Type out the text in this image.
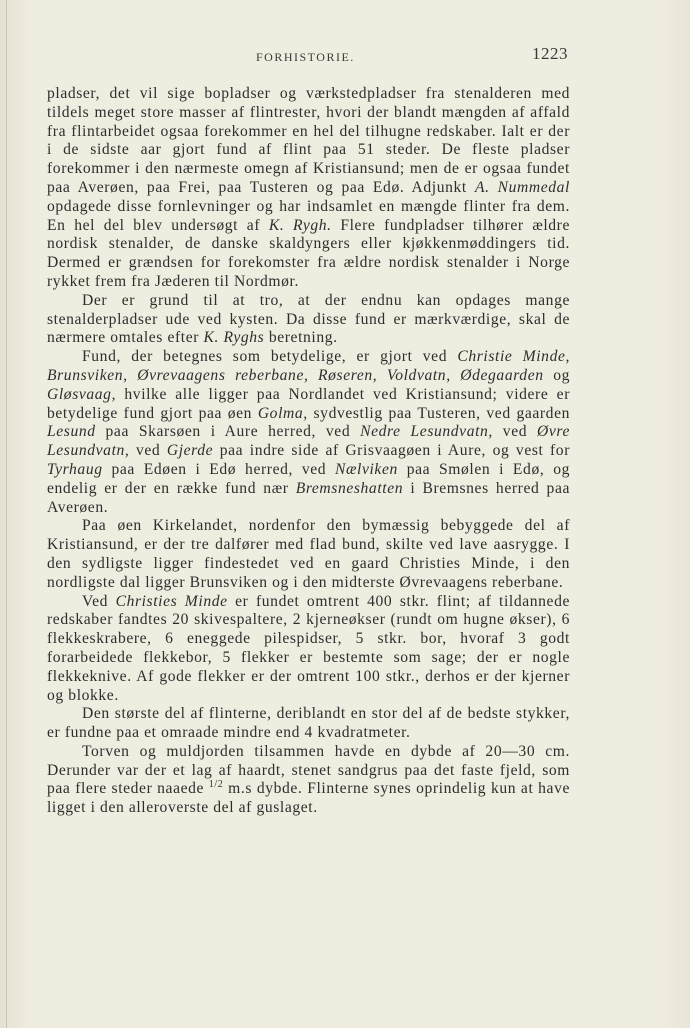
FORHISTORIE.	1223

pladser, det vil sige bopladser og værkstedpladser fra stenalderen med tildels meget store masser af flintrester, hvori der blandt mængden af affald fra flintarbeidet ogsaa forekommer en hel del tilhugne redskaber. Ialt er der i de sidste aar gjort fund af flint paa 51 steder. De fleste pladser forekommer i den nærmeste omegn af Kristiansund; men de er ogsaa fundet paa Averøen, paa Frei, paa Tusteren og paa Edø. Adjunkt A. Nummedal opdagede disse fornlevninger og har indsamlet en mængde flinter fra dem. En hel del blev undersøgt af K. Rygh. Flere fundpladser tilhører ældre nordisk stenalder, de danske skaldyngers eller kjøkkenmøddingers tid. Dermed er grændsen for forekomster fra ældre nordisk stenalder i Norge rykket frem fra Jæderen til Nordmør.

Der er grund til at tro, at der endnu kan opdages mange stenalderpladser ude ved kysten. Da disse fund er mærkværdige, skal de nærmere omtales efter K. Ryghs beretning.

Fund, der betegnes som betydelige, er gjort ved Christie Minde, Brunsviken, Øvrevaagens reberbane, Røseren, Voldvatn, Ødegaarden og Gløsvaag, hvilke alle ligger paa Nordlandet ved Kristiansund; videre er betydelige fund gjort paa øen Golma, sydvestlig paa Tusteren, ved gaarden Lesund paa Skarsøen i Aure herred, ved Nedre Lesundvatn, ved Øvre Lesundvatn, ved Gjerde paa indre side af Grisvaagøen i Aure, og vest for Tyrhaug paa Edøen i Edø herred, ved Nælviken paa Smølen i Edø, og endelig er der en række fund nær Bremsneshatten i Bremsnes herred paa Averøen.

Paa øen Kirkelandet, nordenfor den bymæssig bebyggede del af Kristiansund, er der tre dalfører med flad bund, skilte ved lave aasrygge. I den sydligste ligger findestedet ved en gaard Christies Minde, i den nordligste dal ligger Brunsviken og i den midterste Øvrevaagens reberbane.

Ved Christies Minde er fundet omtrent 400 stkr. flint; af tildannede redskaber fandtes 20 skivespaltere, 2 kjerneøkser (rundt om hugne økser), 6 flekkeskrabere, 6 eneggede pilespidser, 5 stkr. bor, hvoraf 3 godt forarbeidede flekkebor, 5 flekker er bestemte som sage; der er nogle flekkeknive. Af gode flekker er der omtrent 100 stkr., derhos er der kjerner og blokke.

Den største del af flinterne, deriblandt en stor del af de bedste stykker, er fundne paa et omraade mindre end 4 kvadratmeter.

Torven og muldjorden tilsammen havde en dybde af 20—30 cm. Derunder var der et lag af haardt, stenet sandgrus paa det faste fjeld, som paa flere steder naaede $^{1/2}$ m.s dybde. Flinterne synes oprindelig kun at have ligget i den alleroverste del af guslaget.
